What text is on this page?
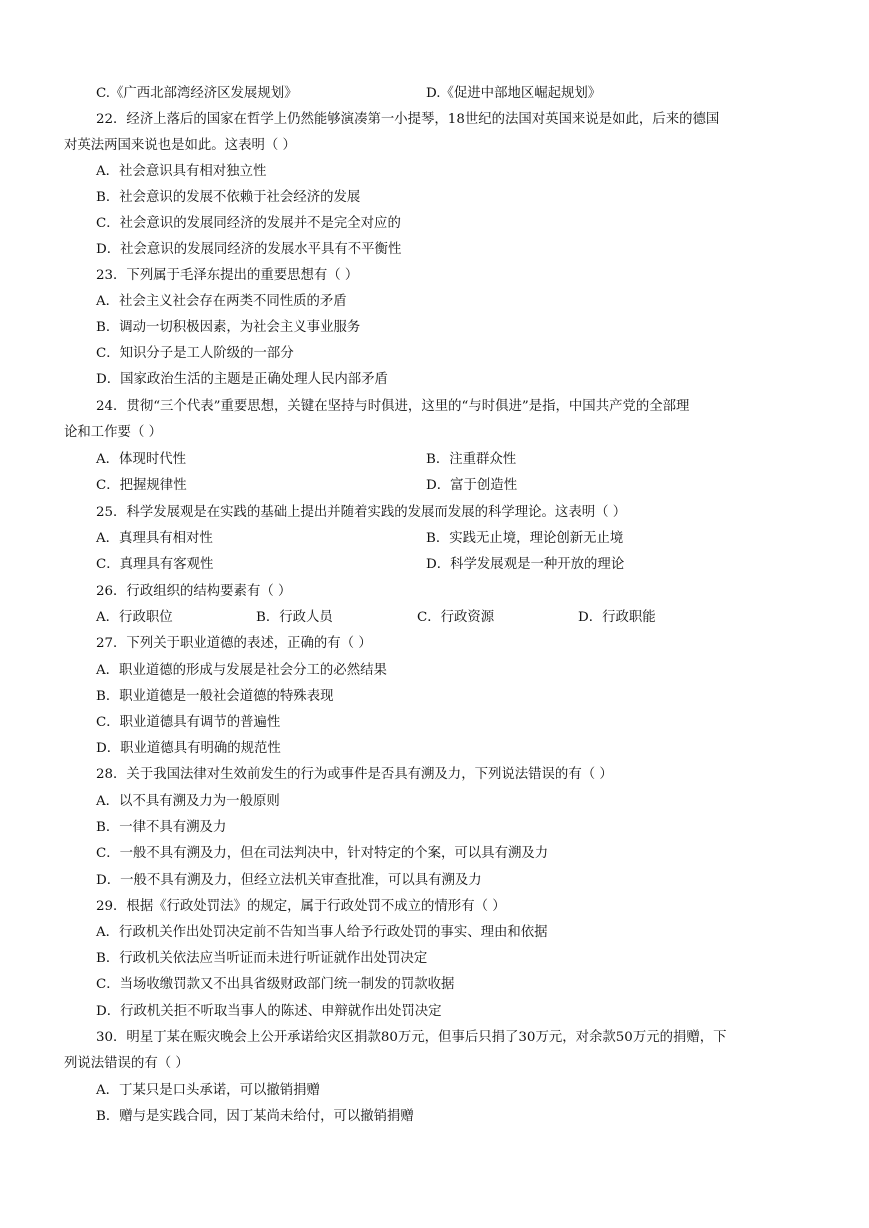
C.《广西北部湾经济区发展规划》	D.《促进中部地区崛起规划》
22．经济上落后的国家在哲学上仍然能够演凑第一小提琴，18世纪的法国对英国来说是如此，后来的德国
对英法两国来说也是如此。这表明（ ）
A．社会意识具有相对独立性
B．社会意识的发展不依赖于社会经济的发展
C．社会意识的发展同经济的发展并不是完全对应的
D．社会意识的发展同经济的发展水平具有不平衡性
23．下列属于毛泽东提出的重要思想有（ ）
A．社会主义社会存在两类不同性质的矛盾
B．调动一切积极因素，为社会主义事业服务
C．知识分子是工人阶级的一部分
D．国家政治生活的主题是正确处理人民内部矛盾
24．贯彻“三个代表”重要思想，关键在坚持与时俱进，这里的“与时俱进”是指，中国共产党的全部理
论和工作要（ ）
A．体现时代性	B．注重群众性
C．把握规律性	D．富于创造性
25．科学发展观是在实践的基础上提出并随着实践的发展而发展的科学理论。这表明（ ）
A．真理具有相对性	B．实践无止境，理论创新无止境
C．真理具有客观性	D．科学发展观是一种开放的理论
26．行政组织的结构要素有（ ）
A．行政职位	B．行政人员	C．行政资源	D．行政职能
27．下列关于职业道德的表述，正确的有（ ）
A．职业道德的形成与发展是社会分工的必然结果
B．职业道德是一般社会道德的特殊表现
C．职业道德具有调节的普遍性
D．职业道德具有明确的规范性
28．关于我国法律对生效前发生的行为或事件是否具有溯及力，下列说法错误的有（ ）
A．以不具有溯及力为一般原则
B．一律不具有溯及力
C．一般不具有溯及力，但在司法判决中，针对特定的个案，可以具有溯及力
D．一般不具有溯及力，但经立法机关审查批准，可以具有溯及力
29．根据《行政处罚法》的规定，属于行政处罚不成立的情形有（ ）
A．行政机关作出处罚决定前不告知当事人给予行政处罚的事实、理由和依据
B．行政机关依法应当听证而未进行听证就作出处罚决定
C．当场收缴罚款又不出具省级财政部门统一制发的罚款收据
D．行政机关拒不听取当事人的陈述、申辩就作出处罚决定
30．明星丁某在赈灾晚会上公开承诺给灾区捐款80万元，但事后只捐了30万元，对余款50万元的捐赠，下
列说法错误的有（ ）
A．丁某只是口头承诺，可以撤销捐赠
B．赠与是实践合同，因丁某尚未给付，可以撤销捐赠
